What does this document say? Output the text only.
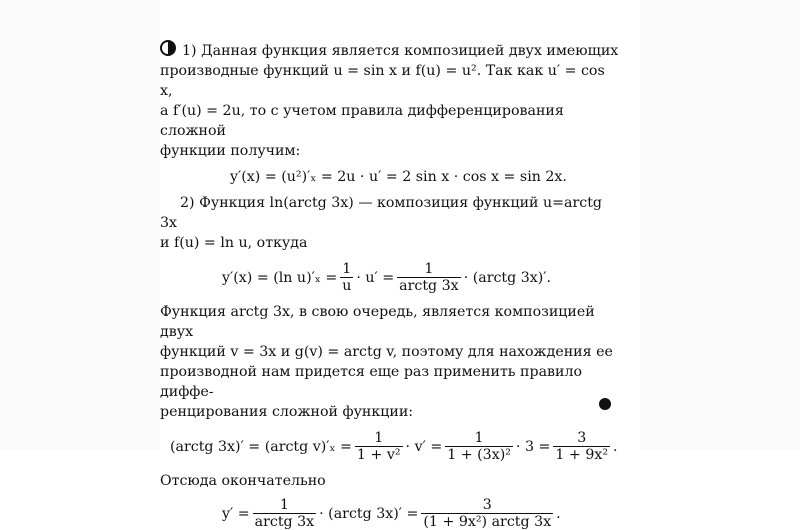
1) Данная функция является композицией двух имеющих

производные функций u = sin x и f(u) = u². Так как u′ = cos x,

а f′(u) = 2u, то с учетом правила дифференцирования сложной

функции получим:

y′(x) = (u²)′ₓ = 2u · u′ = 2 sin x · cos x = sin 2x.

2) Функция ln(arctg 3x) — композиция функций u=arctg 3x

и f(u) = ln u, откуда

y′(x) = (ln $u)'_x = \frac{1}{u} \cdot u' = \frac{1}{\text{arctg 3x}}$ · (arctg 3x)′.

Функция arctg 3x, в свою очередь, является композицией двух

функций v = 3x и g(v) = arctg v, поэтому для нахождения ее

производной нам придется еще раз применить правило диффе-

ренцирования сложной функции:

(arctg 3x)′ = (arctg $v)'_x = \frac{1}{\text{1 + v²}} \cdot v' = \frac{1}{\text{1 + (3x)²}} \cdot 3 = \frac{3}{\text{1 + 9x²}}$ .

Отсюда окончательно

$y' = \frac{1}{\text{arctg 3x}}$ · (arctg $3x)' = \frac{3}{\text{(1 + 9x²) arctg 3x}}$ .
